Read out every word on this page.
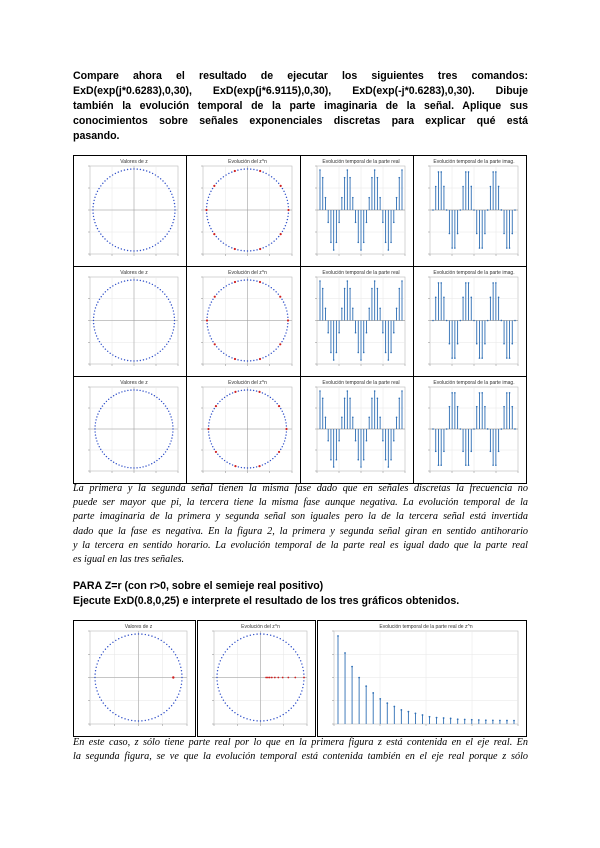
Compare ahora el resultado de ejecutar los siguientes tres comandos:
ExD(exp(j*0.6283),0,30), ExD(exp(j*6.9115),0,30), ExD(exp(-j*0.6283),0,30). Dibuje
también la evolución temporal de la parte imaginaria de la señal. Aplique sus
conocimientos sobre señales exponenciales discretas para explicar qué está
pasando.
Valores de z	Evolución del z^n	Evolución temporal de la parte real	Evolución temporal de la parte imag.
Valores de z	Evolución del z^n	Evolución temporal de la parte real	Evolución temporal de la parte imag.
Valores de z	Evolución del z^n	Evolución temporal de la parte real	Evolución temporal de la parte imag.
La primera y la segunda señal tienen la misma fase dado que en señales discretas la frecuencia no
puede ser mayor que pi, la tercera tiene la misma fase aunque negativa. La evolución temporal de la
parte imaginaria de la primera y segunda señal son iguales pero la de la tercera señal está invertida
dado que la fase es negativa. En la figura 2, la primera y segunda señal giran en sentido antihorario
y la tercera en sentido horario. La evolución temporal de la parte real es igual dado que la parte real
es igual en las tres señales.
PARA Z=r (con r>0, sobre el semieje real positivo)
Ejecute ExD(0.8,0,25) e interprete el resultado de los tres gráficos obtenidos.
Valores de z	Evolución del z^n	Evolución temporal de la parte real de z^n
En este caso, z sólo tiene parte real por lo que en la primera figura z está contenida en el eje real. En
la segunda figura, se ve que la evolución temporal está contenida también en el eje real porque z sólo
